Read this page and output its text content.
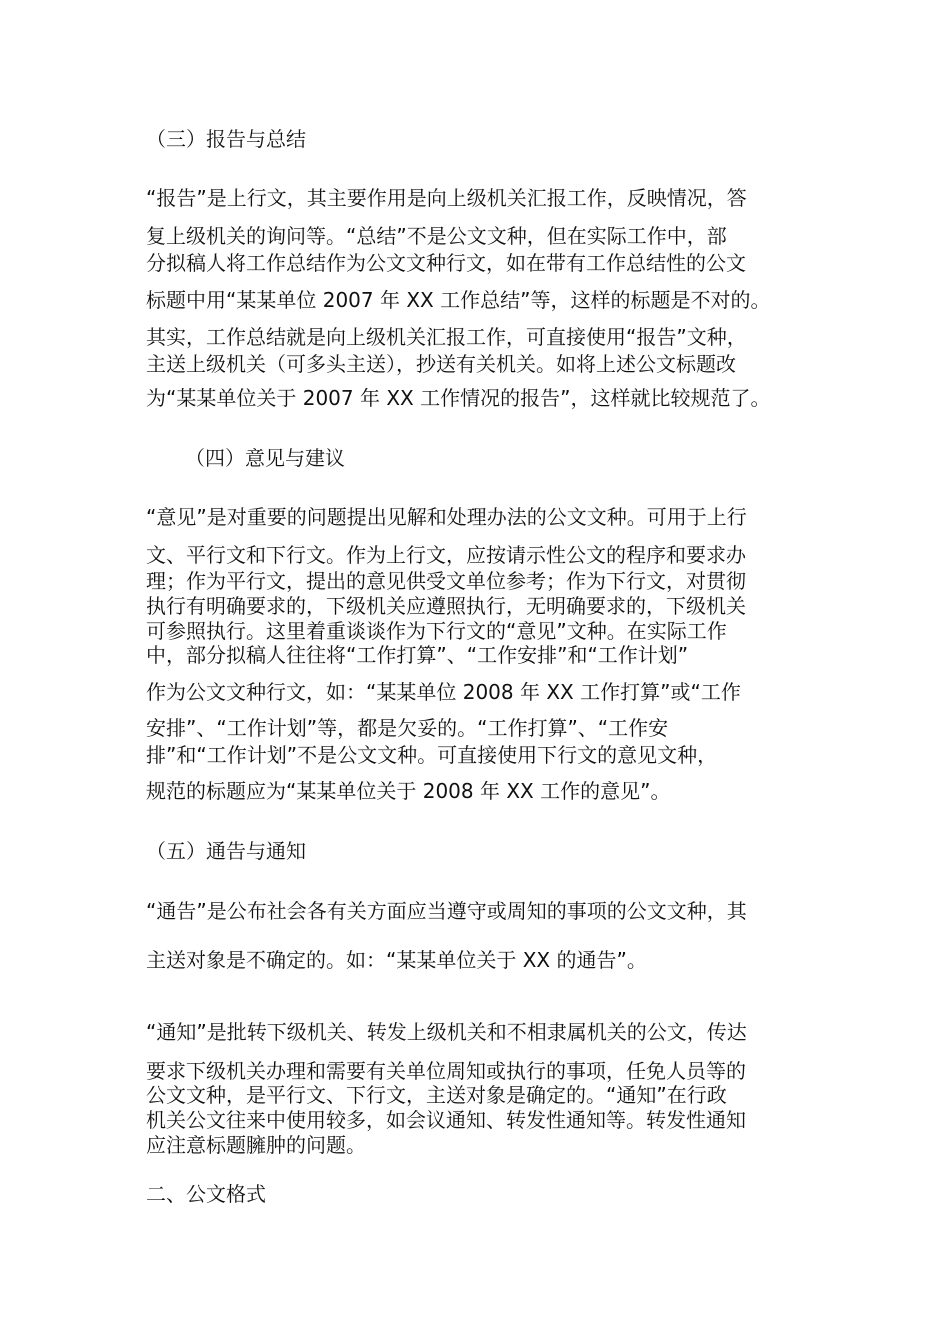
（三）报告与总结

“报告”是上行文，其主要作用是向上级机关汇报工作，反映情况，答

复上级机关的询问等。“总结”不是公文文种，但在实际工作中，部

分拟稿人将工作总结作为公文文种行文，如在带有工作总结性的公文

标题中用“某某单位 2007 年 XX 工作总结”等，这样的标题是不对的。

其实，工作总结就是向上级机关汇报工作，可直接使用“报告”文种，

主送上级机关（可多头主送），抄送有关机关。如将上述公文标题改

为“某某单位关于 2007 年 XX 工作情况的报告”，这样就比较规范了。

（四）意见与建议

“意见”是对重要的问题提出见解和处理办法的公文文种。可用于上行

文、平行文和下行文。作为上行文，应按请示性公文的程序和要求办

理；作为平行文，提出的意见供受文单位参考；作为下行文，对贯彻

执行有明确要求的，下级机关应遵照执行，无明确要求的，下级机关

可参照执行。这里着重谈谈作为下行文的“意见”文种。在实际工作

中，部分拟稿人往往将“工作打算”、“工作安排”和“工作计划”

作为公文文种行文，如：“某某单位 2008 年 XX 工作打算”或“工作

安排”、“工作计划”等，都是欠妥的。“工作打算”、“工作安

排”和“工作计划”不是公文文种。可直接使用下行文的意见文种，

规范的标题应为“某某单位关于 2008 年 XX 工作的意见”。

（五）通告与通知

“通告”是公布社会各有关方面应当遵守或周知的事项的公文文种，其

主送对象是不确定的。如：“某某单位关于 XX 的通告”。

“通知”是批转下级机关、转发上级机关和不相隶属机关的公文，传达

要求下级机关办理和需要有关单位周知或执行的事项，任免人员等的

公文文种，是平行文、下行文，主送对象是确定的。“通知”在行政

机关公文往来中使用较多，如会议通知、转发性通知等。转发性通知

应注意标题臃肿的问题。

二、公文格式
